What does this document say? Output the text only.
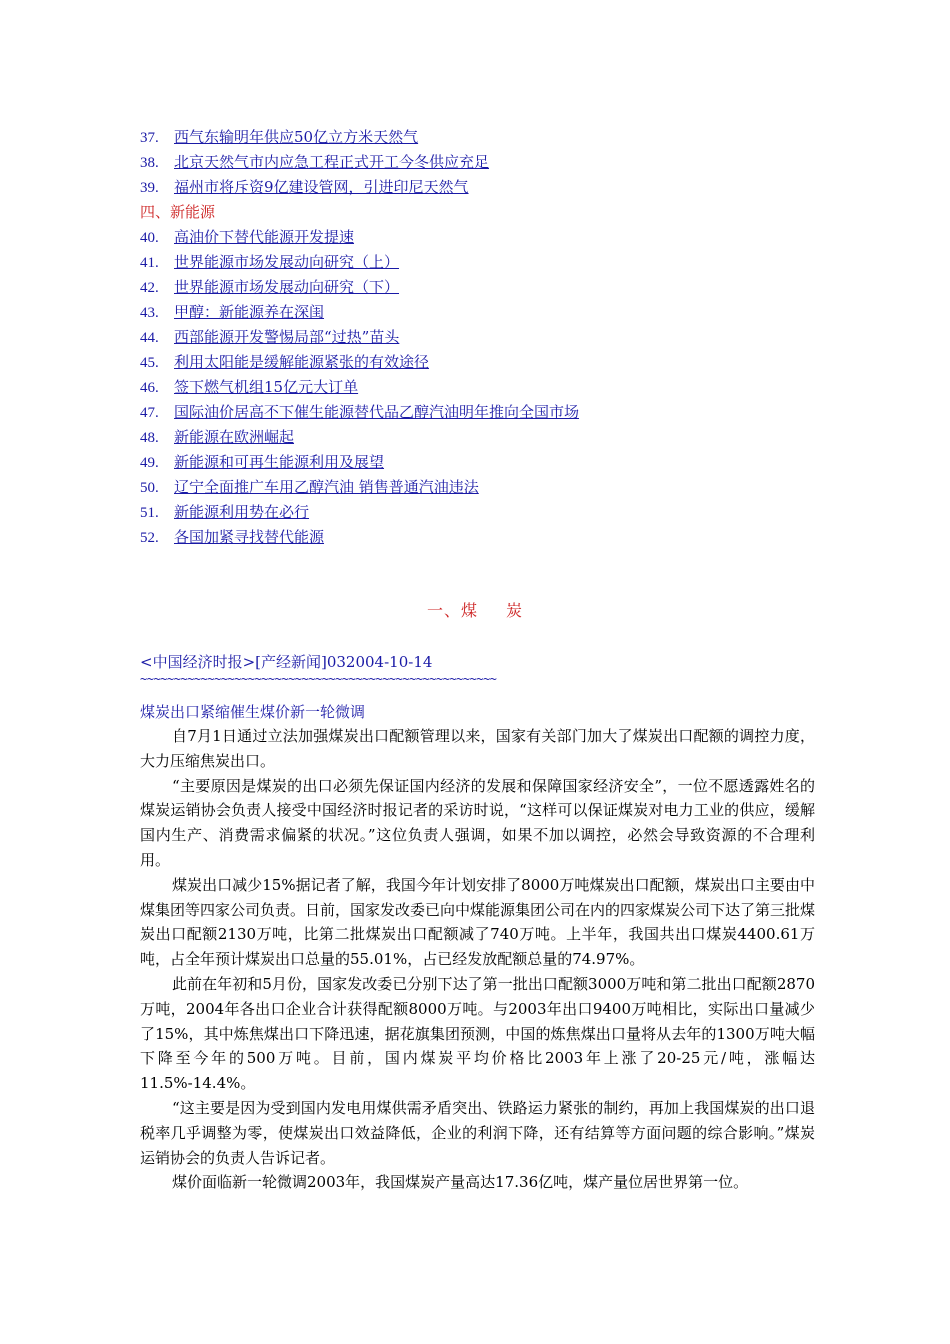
37. 西气东输明年供应50亿立方米天然气
38. 北京天然气市内应急工程正式开工今冬供应充足
39. 福州市将斥资9亿建设管网，引进印尼天然气
四、新能源
40. 高油价下替代能源开发提速
41. 世界能源市场发展动向研究（上）
42. 世界能源市场发展动向研究（下）
43. 甲醇：新能源养在深闺
44. 西部能源开发警惕局部“过热”苗头
45. 利用太阳能是缓解能源紧张的有效途径
46. 签下燃气机组15亿元大订单
47. 国际油价居高不下催生能源替代品乙醇汽油明年推向全国市场
48. 新能源在欧洲崛起
49. 新能源和可再生能源利用及展望
50. 辽宁全面推广车用乙醇汽油 销售普通汽油违法
51. 新能源利用势在必行
52. 各国加紧寻找替代能源
一、煤 炭
<中国经济时报>[产经新闻]032004-10-14
~~~~~~~~~~~~~~~~~~~~~~~~~~~~~~~~~~~~~~~~~~~~~~~~~~~~~
煤炭出口紧缩催生煤价新一轮微调

自7月1日通过立法加强煤炭出口配额管理以来，国家有关部门加大了煤炭出口配额的调控力度，大力压缩焦炭出口。

“主要原因是煤炭的出口必须先保证国内经济的发展和保障国家经济安全”，一位不愿透露姓名的煤炭运销协会负责人接受中国经济时报记者的采访时说，“这样可以保证煤炭对电力工业的供应，缓解国内生产、消费需求偏紧的状况。”这位负责人强调，如果不加以调控，必然会导致资源的不合理利用。

煤炭出口减少15%据记者了解，我国今年计划安排了8000万吨煤炭出口配额，煤炭出口主要由中煤集团等四家公司负责。日前，国家发改委已向中煤能源集团公司在内的四家煤炭公司下达了第三批煤炭出口配额2130万吨，比第二批煤炭出口配额减了740万吨。上半年，我国共出口煤炭4400.61万吨，占全年预计煤炭出口总量的55.01%，占已经发放配额总量的74.97%。

此前在年初和5月份，国家发改委已分别下达了第一批出口配额3000万吨和第二批出口配额2870万吨，2004年各出口企业合计获得配额8000万吨。与2003年出口9400万吨相比，实际出口量减少了15%，其中炼焦煤出口下降迅速，据花旗集团预测，中国的炼焦煤出口量将从去年的1300万吨大幅下降至今年的500万吨。目前，国内煤炭平均价格比2003年上涨了20-25元/吨，涨幅达11.5%-14.4%。

“这主要是因为受到国内发电用煤供需矛盾突出、铁路运力紧张的制约，再加上我国煤炭的出口退税率几乎调整为零，使煤炭出口效益降低，企业的利润下降，还有结算等方面问题的综合影响。”煤炭运销协会的负责人告诉记者。

煤价面临新一轮微调2003年，我国煤炭产量高达17.36亿吨，煤产量位居世界第一位。
